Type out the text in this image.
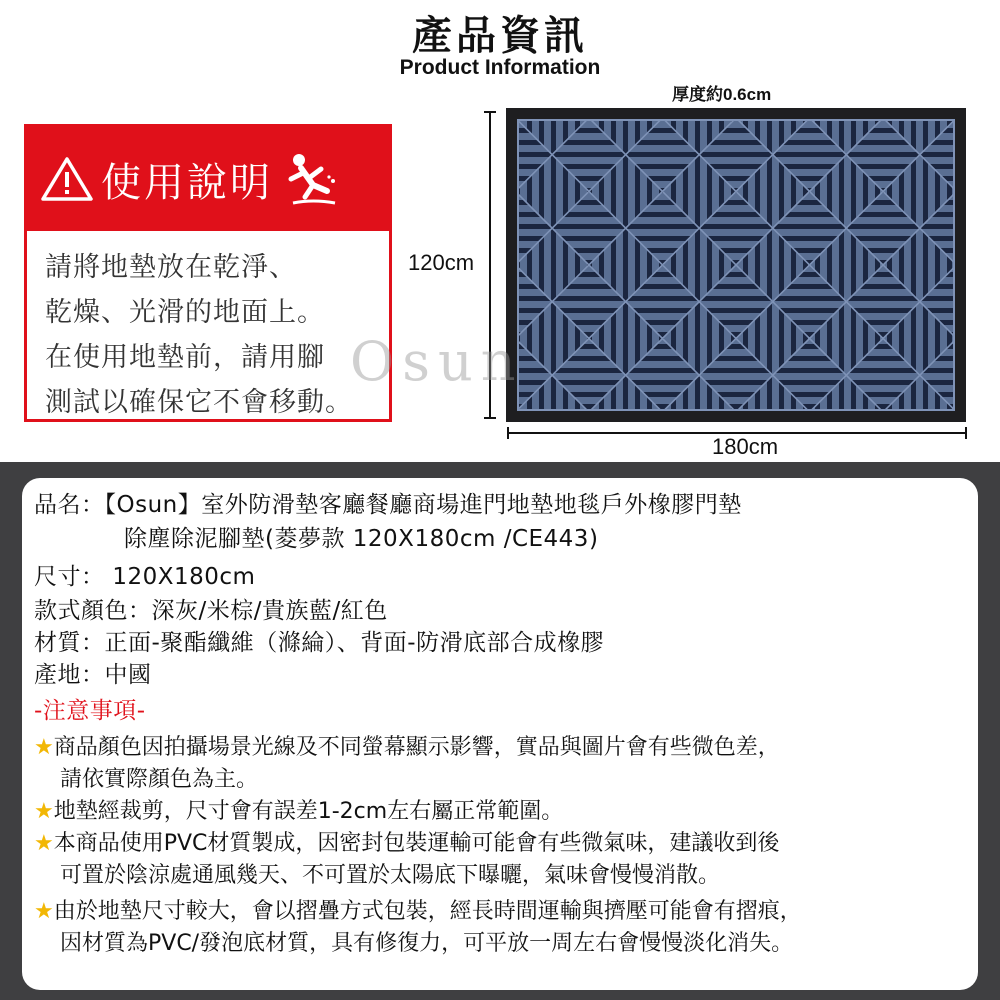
產品資訊
Product Information
使用說明
請將地墊放在乾淨、
乾燥、光滑的地面上。
在使用地墊前，請用腳
測試以確保它不會移動。
厚度約0.6cm
120cm
180cm
Osun
品名：【Osun】室外防滑墊客廳餐廳商場進門地墊地毯戶外橡膠門墊
除塵除泥腳墊(菱夢款 120X180cm /CE443)
尺寸： 120X180cm
款式顏色：深灰/米棕/貴族藍/紅色
材質：正面-聚酯纖維（滌綸）、背面-防滑底部合成橡膠
產地：中國
-注意事項-
★商品顏色因拍攝場景光線及不同螢幕顯示影響，實品與圖片會有些微色差，
請依實際顏色為主。
★地墊經裁剪，尺寸會有誤差1-2cm左右屬正常範圍。
★本商品使用PVC材質製成，因密封包裝運輸可能會有些微氣味，建議收到後
可置於陰涼處通風幾天、不可置於太陽底下曝曬，氣味會慢慢消散。
★由於地墊尺寸較大，會以摺疊方式包裝，經長時間運輸與擠壓可能會有摺痕，
因材質為PVC/發泡底材質，具有修復力，可平放一周左右會慢慢淡化消失。
